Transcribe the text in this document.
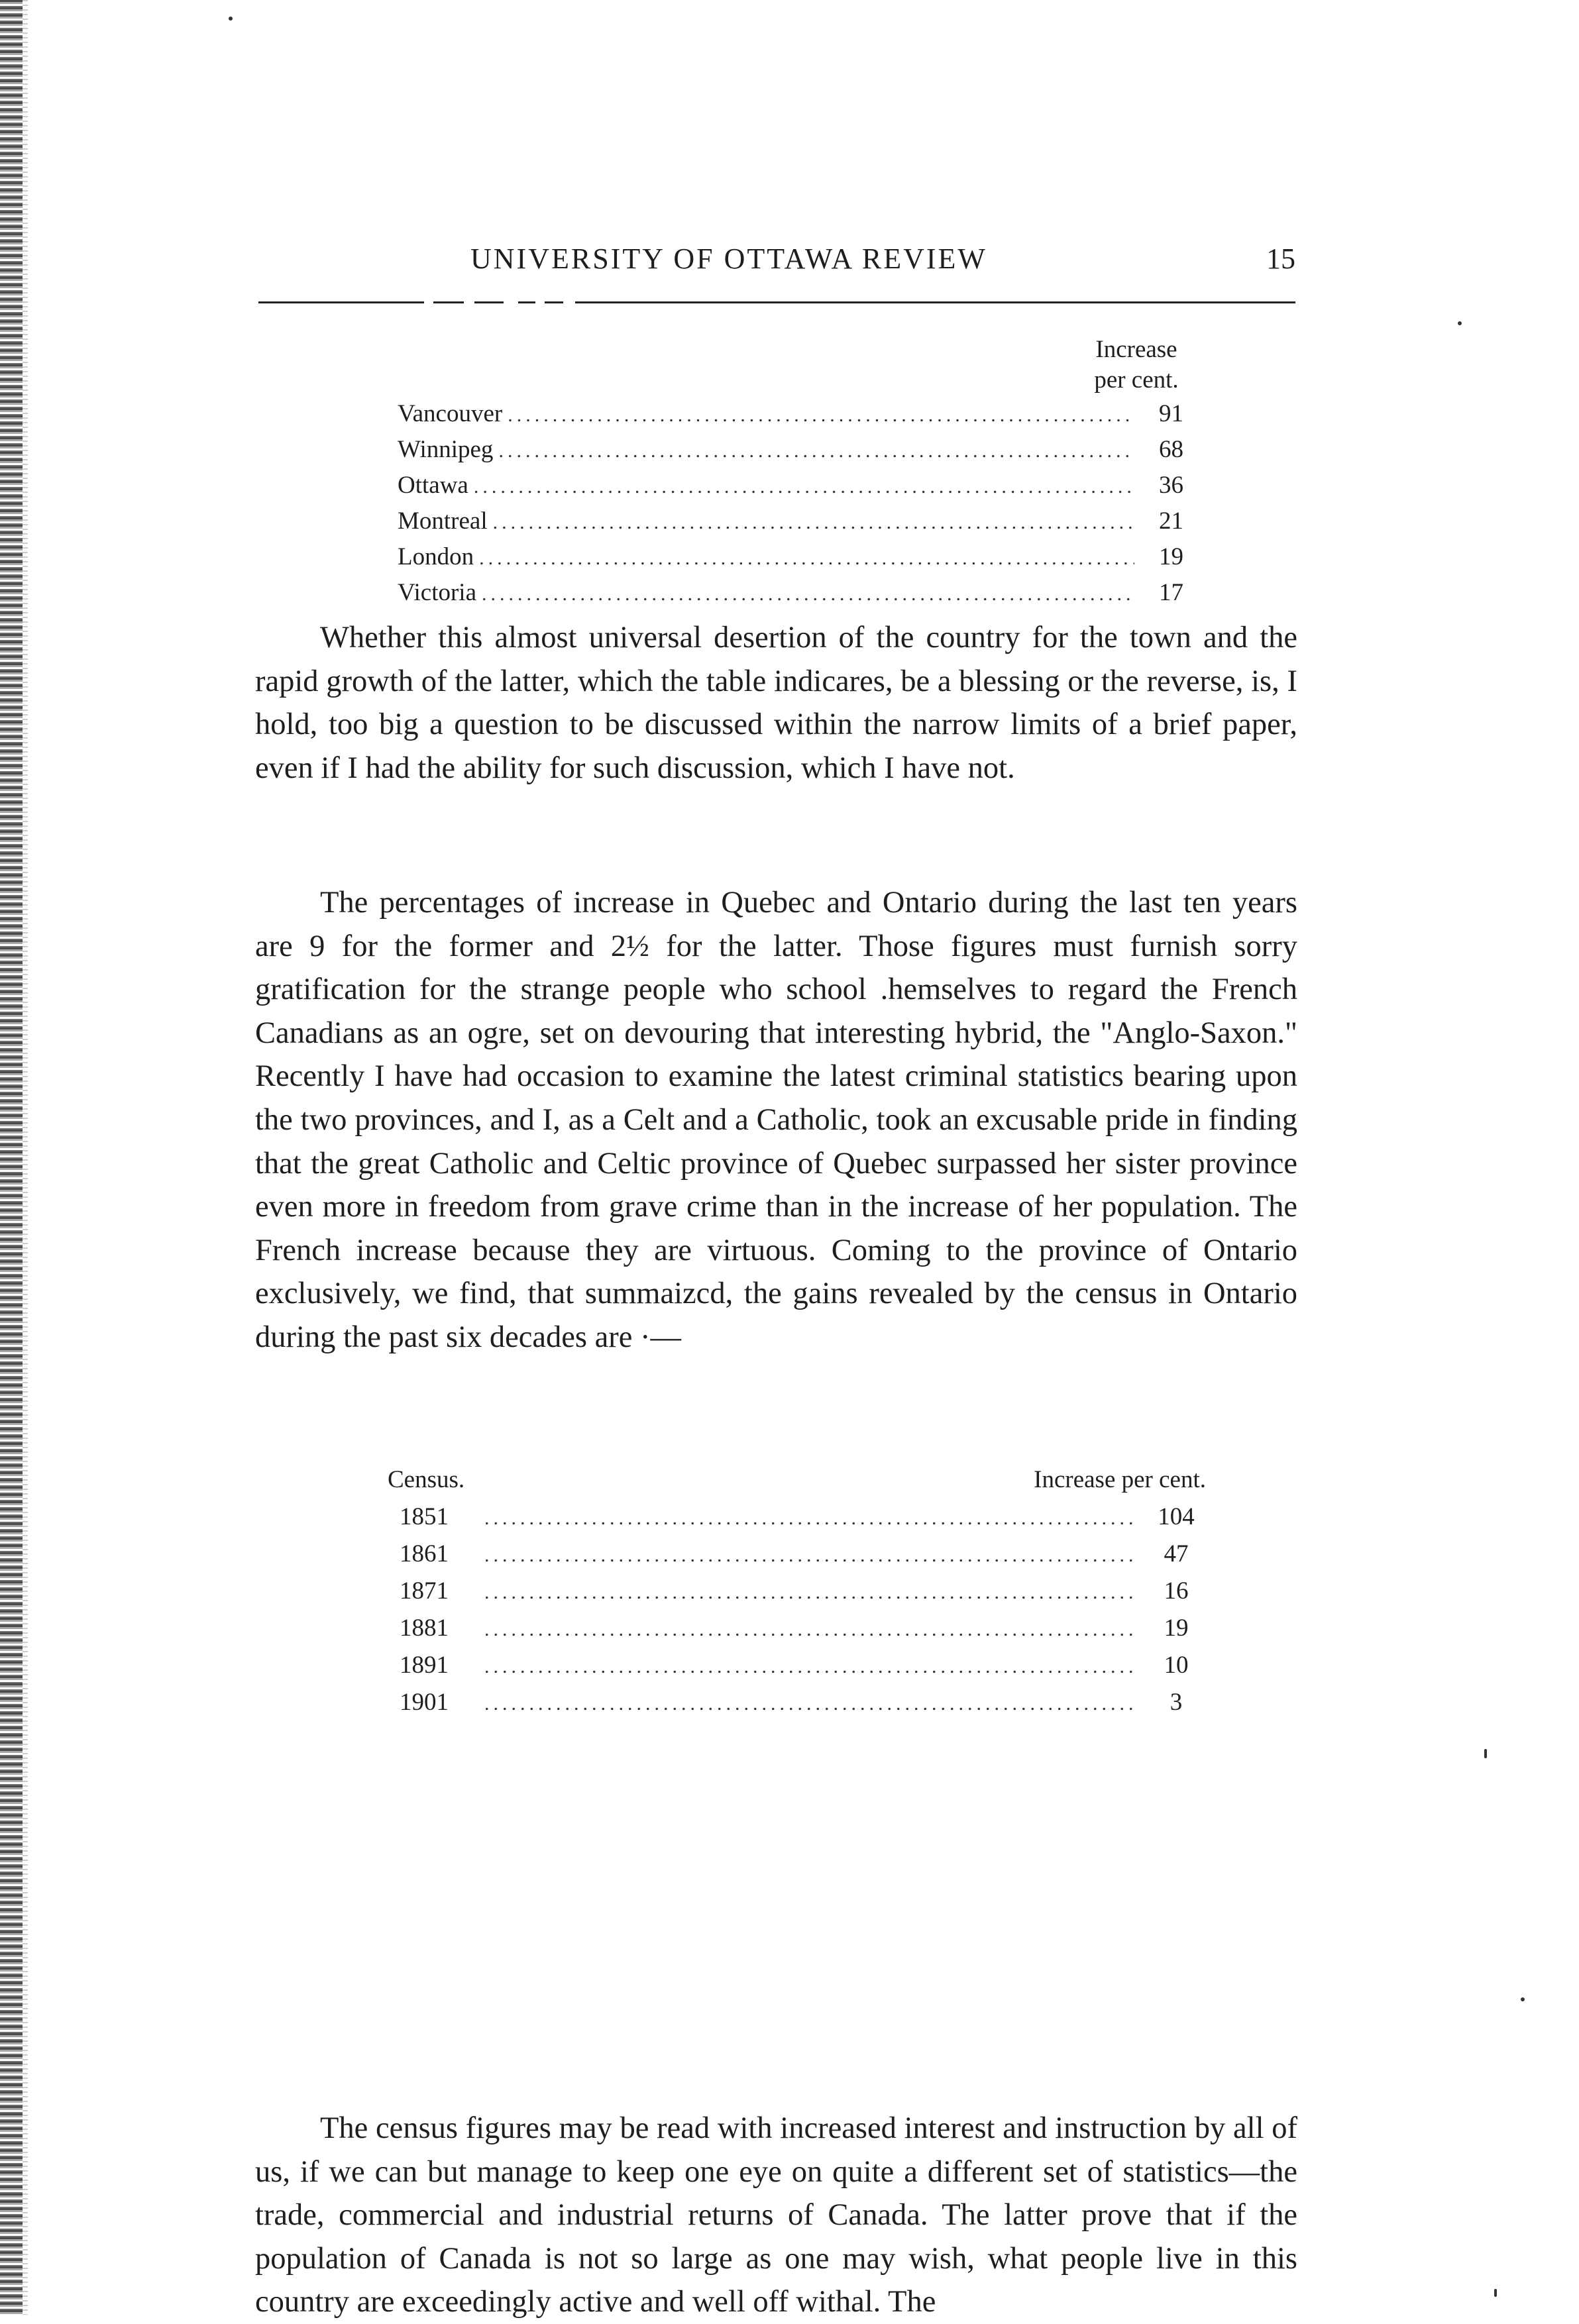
UNIVERSITY OF OTTAWA REVIEW	15
Increase
per cent.
Vancouver .....	91
Winnipeg .....	68
Ottawa .....	36
Montreal .....	21
London .....	19
Victoria .....	17

Whether this almost universal desertion of the country for the town and the rapid growth of the latter, which the table indicares, be a blessing or the reverse, is, I hold, too big a question to be discussed within the narrow limits of a brief paper, even if I had the ability for such discussion, which I have not.

The percentages of increase in Quebec and Ontario during the last ten years are 9 for the former and 2½ for the latter. Those figures must furnish sorry gratification for the strange people who school .hemselves to regard the French Canadians as an ogre, set on devouring that interesting hybrid, the "Anglo-Saxon." Recently I have had occasion to examine the latest criminal statistics bearing upon the two provinces, and I, as a Celt and a Catholic, took an excusable pride in finding that the great Catholic and Celtic province of Quebec surpassed her sister province even more in freedom from grave crime than in the increase of her population. The French increase because they are virtuous. Coming to the province of Ontario exclusively, we find, that summaizcd, the gains revealed by the census in Ontario during the past six decades are ·—

Census.	Increase per cent.
1851 .....	104
1861 .....	47
1871 .....	16
1881 .....	19
1891 .....	10
1901 .....	3

The census figures may be read with increased interest and instruction by all of us, if we can but manage to keep one eye on quite a different set of statistics—the trade, commercial and industrial returns of Canada. The latter prove that if the population of Canada is not so large as one may wish, what people live in this country are exceedingly active and well off withal. The
